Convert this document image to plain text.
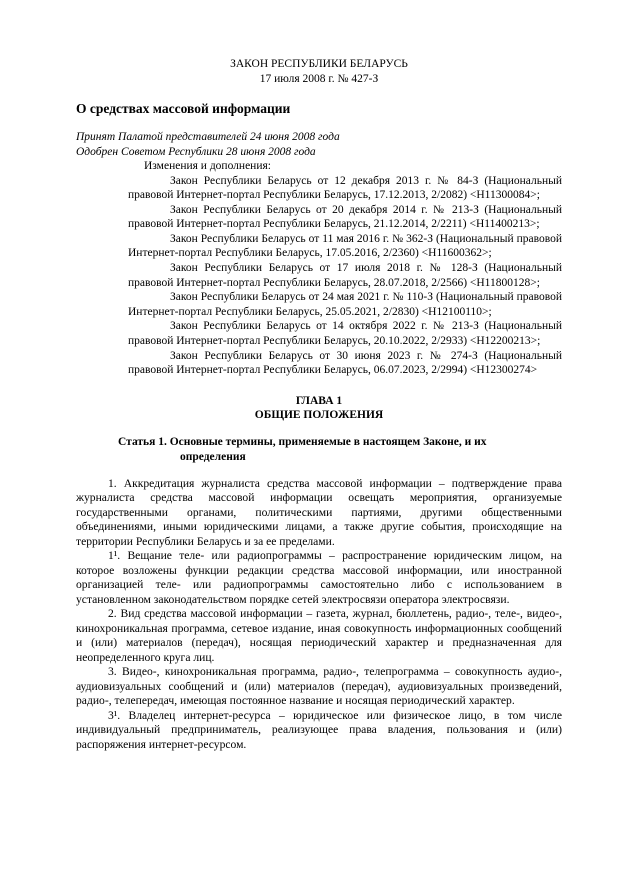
ЗАКОН РЕСПУБЛИКИ БЕЛАРУСЬ
17 июля 2008 г. № 427-З
О средствах массовой информации
Принят Палатой представителей 24 июня 2008 года
Одобрен Советом Республики 28 июня 2008 года
Изменения и дополнения:
Закон Республики Беларусь от 12 декабря 2013 г. № 84-З (Национальный правовой Интернет-портал Республики Беларусь, 17.12.2013, 2/2082) <H11300084>;
Закон Республики Беларусь от 20 декабря 2014 г. № 213-З (Национальный правовой Интернет-портал Республики Беларусь, 21.12.2014, 2/2211) <H11400213>;
Закон Республики Беларусь от 11 мая 2016 г. № 362-З (Национальный правовой Интернет-портал Республики Беларусь, 17.05.2016, 2/2360) <H11600362>;
Закон Республики Беларусь от 17 июля 2018 г. № 128-З (Национальный правовой Интернет-портал Республики Беларусь, 28.07.2018, 2/2566) <H11800128>;
Закон Республики Беларусь от 24 мая 2021 г. № 110-З (Национальный правовой Интернет-портал Республики Беларусь, 25.05.2021, 2/2830) <H12100110>;
Закон Республики Беларусь от 14 октября 2022 г. № 213-З (Национальный правовой Интернет-портал Республики Беларусь, 20.10.2022, 2/2933) <H12200213>;
Закон Республики Беларусь от 30 июня 2023 г. № 274-З (Национальный правовой Интернет-портал Республики Беларусь, 06.07.2023, 2/2994) <H12300274>
ГЛАВА 1
ОБЩИЕ ПОЛОЖЕНИЯ
Статья 1. Основные термины, применяемые в настоящем Законе, и их
определения

1. Аккредитация журналиста средства массовой информации – подтверждение права журналиста средства массовой информации освещать мероприятия, организуемые государственными органами, политическими партиями, другими общественными объединениями, иными юридическими лицами, а также другие события, происходящие на территории Республики Беларусь и за ее пределами.

1¹. Вещание теле- или радиопрограммы – распространение юридическим лицом, на которое возложены функции редакции средства массовой информации, или иностранной организацией теле- или радиопрограммы самостоятельно либо с использованием в установленном законодательством порядке сетей электросвязи оператора электросвязи.

2. Вид средства массовой информации – газета, журнал, бюллетень, радио-, теле-, видео-, кинохроникальная программа, сетевое издание, иная совокупность информационных сообщений и (или) материалов (передач), носящая периодический характер и предназначенная для неопределенного круга лиц.

3. Видео-, кинохроникальная программа, радио-, телепрограмма – совокупность аудио-, аудиовизуальных сообщений и (или) материалов (передач), аудиовизуальных произведений, радио-, телепередач, имеющая постоянное название и носящая периодический характер.

3¹. Владелец интернет-ресурса – юридическое или физическое лицо, в том числе индивидуальный предприниматель, реализующее права владения, пользования и (или) распоряжения интернет-ресурсом.
